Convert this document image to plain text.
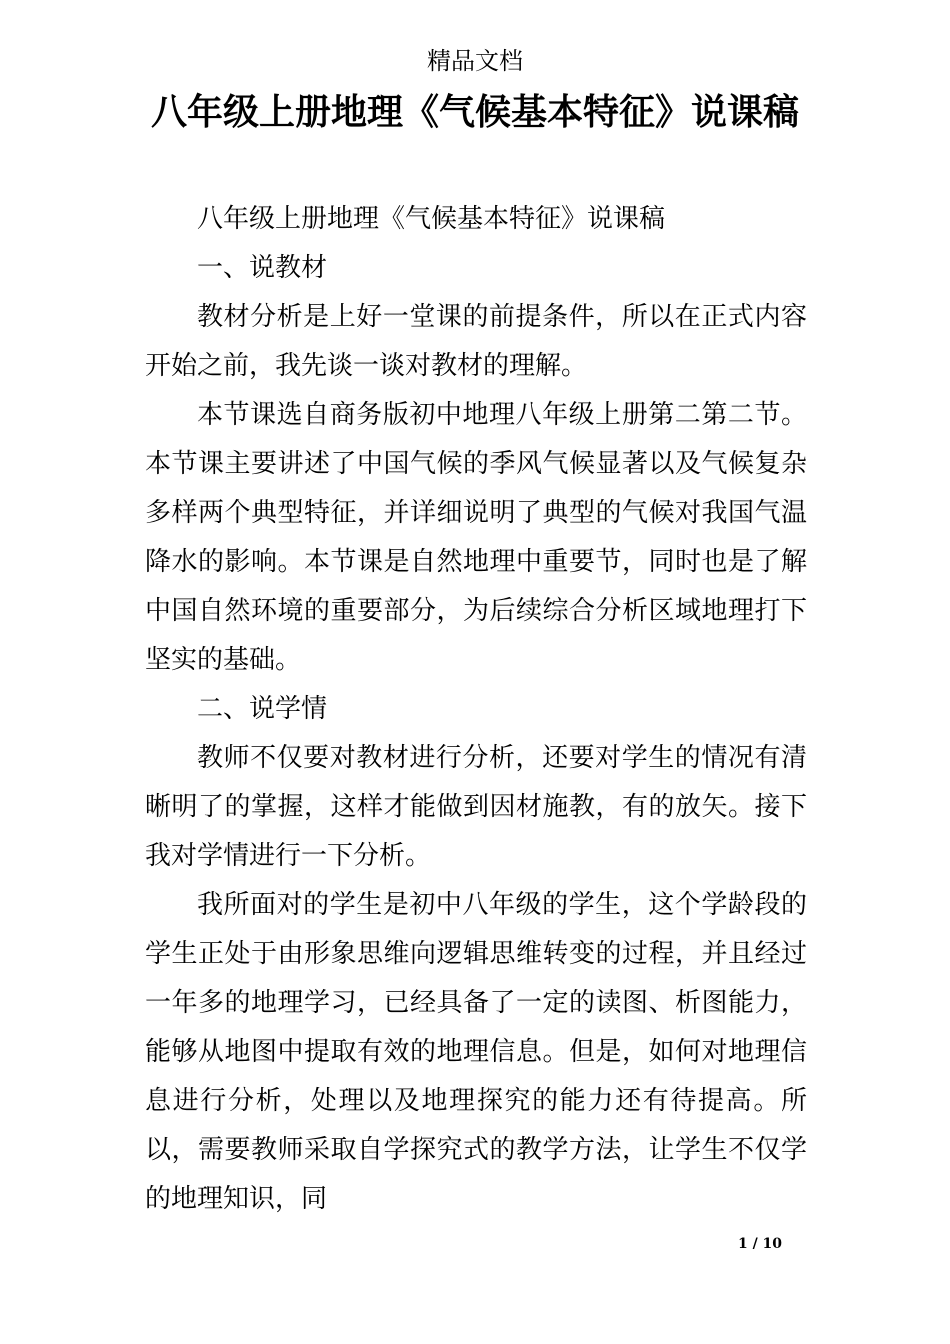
精品文档
八年级上册地理《气候基本特征》说课稿

八年级上册地理《气候基本特征》说课稿

一、说教材

教材分析是上好一堂课的前提条件，所以在正式内容开始之前，我先谈一谈对教材的理解。

本节课选自商务版初中地理八年级上册第二第二节。本节课主要讲述了中国气候的季风气候显著以及气候复杂多样两个典型特征，并详细说明了典型的气候对我国气温降水的影响。本节课是自然地理中重要节，同时也是了解中国自然环境的重要部分，为后续综合分析区域地理打下坚实的基础。

二、说学情

教师不仅要对教材进行分析，还要对学生的情况有清晰明了的掌握，这样才能做到因材施教，有的放矢。接下我对学情进行一下分析。

我所面对的学生是初中八年级的学生，这个学龄段的学生正处于由形象思维向逻辑思维转变的过程，并且经过一年多的地理学习，已经具备了一定的读图、析图能力，能够从地图中提取有效的地理信息。但是，如何对地理信息进行分析，处理以及地理探究的能力还有待提高。所以，需要教师采取自学探究式的教学方法，让学生不仅学的地理知识，同

1 / 10
